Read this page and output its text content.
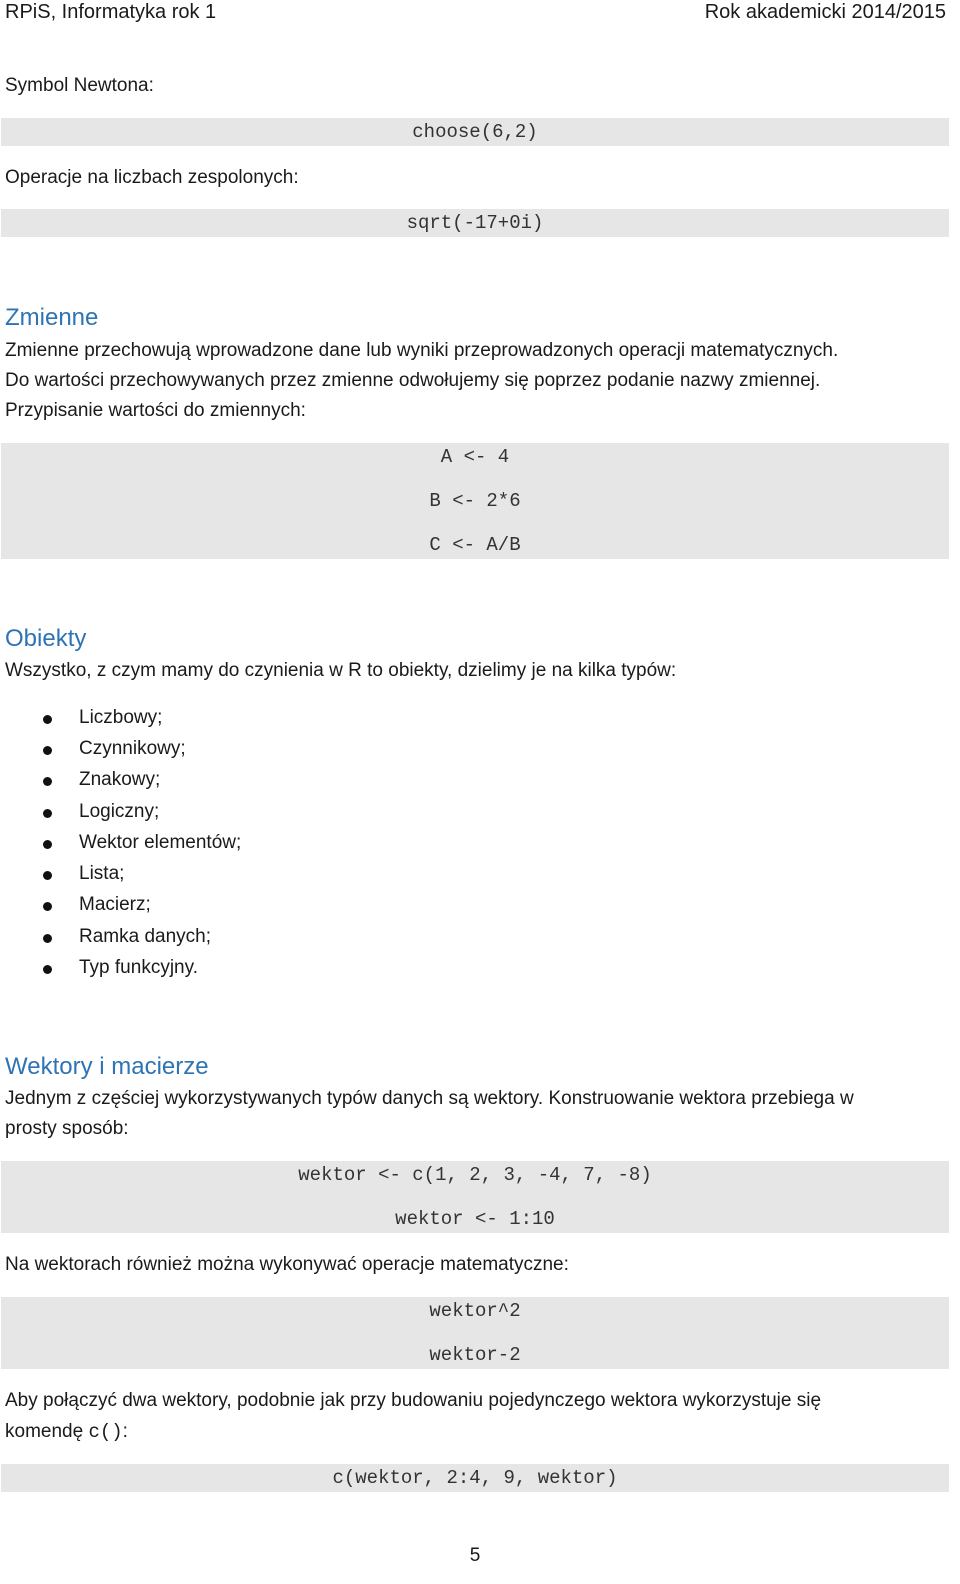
RPiS, Informatyka rok 1	Rok akademicki 2014/2015
Symbol Newtona:
choose(6,2)
Operacje na liczbach zespolonych:
sqrt(-17+0i)
Zmienne
Zmienne przechowują wprowadzone dane lub wyniki przeprowadzonych operacji matematycznych.
Do wartości przechowywanych przez zmienne odwołujemy się poprzez podanie nazwy zmiennej.
Przypisanie wartości do zmiennych:
A <- 4
B <- 2*6
C <- A/B
Obiekty
Wszystko, z czym mamy do czynienia w R to obiekty, dzielimy je na kilka typów:
Liczbowy;
Czynnikowy;
Znakowy;
Logiczny;
Wektor elementów;
Lista;
Macierz;
Ramka danych;
Typ funkcyjny.
Wektory i macierze
Jednym z częściej wykorzystywanych typów danych są wektory. Konstruowanie wektora przebiega w
prosty sposób:
wektor <- c(1, 2, 3, -4, 7, -8)
wektor <- 1:10
Na wektorach również można wykonywać operacje matematyczne:
wektor^2
wektor-2
Aby połączyć dwa wektory, podobnie jak przy budowaniu pojedynczego wektora wykorzystuje się
komendę c():
c(wektor, 2:4, 9, wektor)
5
